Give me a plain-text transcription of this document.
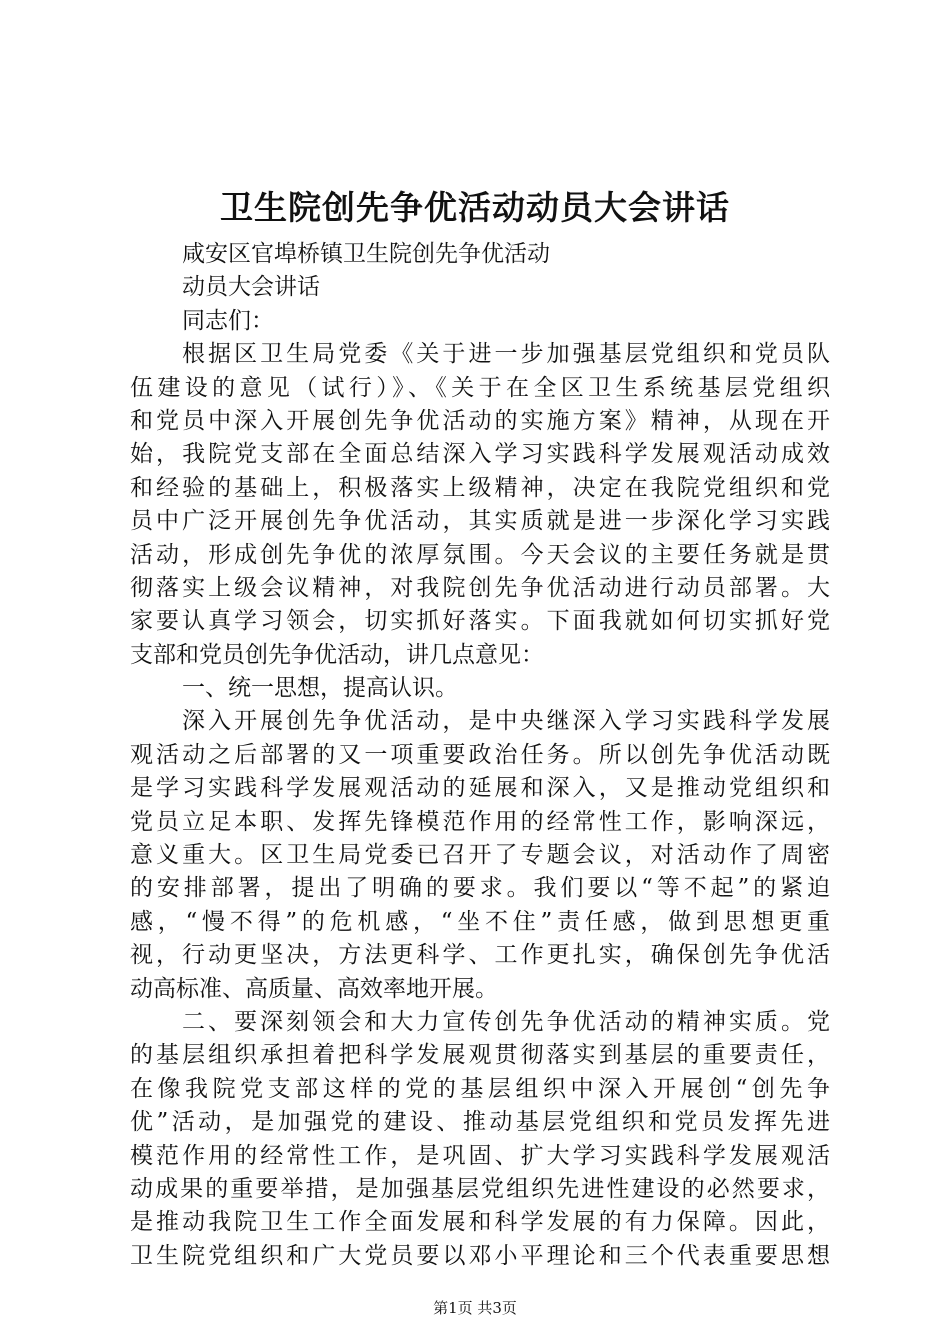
卫生院创先争优活动动员大会讲话
咸安区官埠桥镇卫生院创先争优活动
动员大会讲话
同志们：
根据区卫生局党委《关于进一步加强基层党组织和党员队
伍建设的意见（试行）》、《关于在全区卫生系统基层党组织
和党员中深入开展创先争优活动的实施方案》精神，从现在开
始，我院党支部在全面总结深入学习实践科学发展观活动成效
和经验的基础上，积极落实上级精神，决定在我院党组织和党
员中广泛开展创先争优活动，其实质就是进一步深化学习实践
活动，形成创先争优的浓厚氛围。今天会议的主要任务就是贯
彻落实上级会议精神，对我院创先争优活动进行动员部署。大
家要认真学习领会，切实抓好落实。下面我就如何切实抓好党
支部和党员创先争优活动，讲几点意见：
一、统一思想，提高认识。
深入开展创先争优活动，是中央继深入学习实践科学发展
观活动之后部署的又一项重要政治任务。所以创先争优活动既
是学习实践科学发展观活动的延展和深入，又是推动党组织和
党员立足本职、发挥先锋模范作用的经常性工作，影响深远，
意义重大。区卫生局党委已召开了专题会议，对活动作了周密
的安排部署，提出了明确的要求。我们要以“等不起”的紧迫
感，“慢不得”的危机感，“坐不住”责任感，做到思想更重
视，行动更坚决，方法更科学、工作更扎实，确保创先争优活
动高标准、高质量、高效率地开展。
二、要深刻领会和大力宣传创先争优活动的精神实质。党
的基层组织承担着把科学发展观贯彻落实到基层的重要责任，
在像我院党支部这样的党的基层组织中深入开展创“创先争
优”活动，是加强党的建设、推动基层党组织和党员发挥先进
模范作用的经常性工作，是巩固、扩大学习实践科学发展观活
动成果的重要举措，是加强基层党组织先进性建设的必然要求，
是推动我院卫生工作全面发展和科学发展的有力保障。因此，
卫生院党组织和广大党员要以邓小平理论和三个代表重要思想
第1页 共3页
